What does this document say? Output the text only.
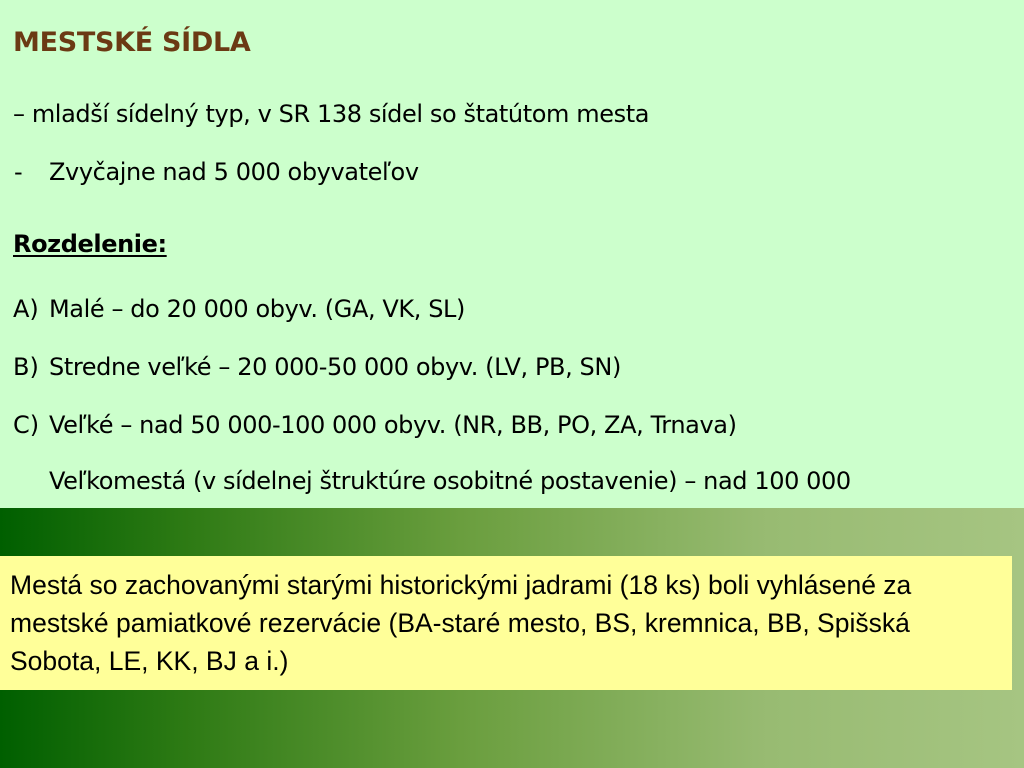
MESTSKÉ SÍDLA
– mladší sídelný typ, v SR 138 sídel so štatútom mesta
- Zvyčajne nad 5 000 obyvateľov
Rozdelenie:
A) Malé – do 20 000 obyv. (GA, VK, SL)
B) Stredne veľké – 20 000-50 000 obyv. (LV, PB, SN)
C) Veľké – nad 50 000-100 000 obyv. (NR, BB, PO, ZA, Trnava)
Veľkomestá (v sídelnej štruktúre osobitné postavenie) – nad 100 000
Mestá so zachovanými starými historickými jadrami (18 ks) boli vyhlásené za mestské pamiatkové rezervácie (BA-staré mesto, BS, kremnica, BB, Spišská Sobota, LE, KK, BJ a i.)
